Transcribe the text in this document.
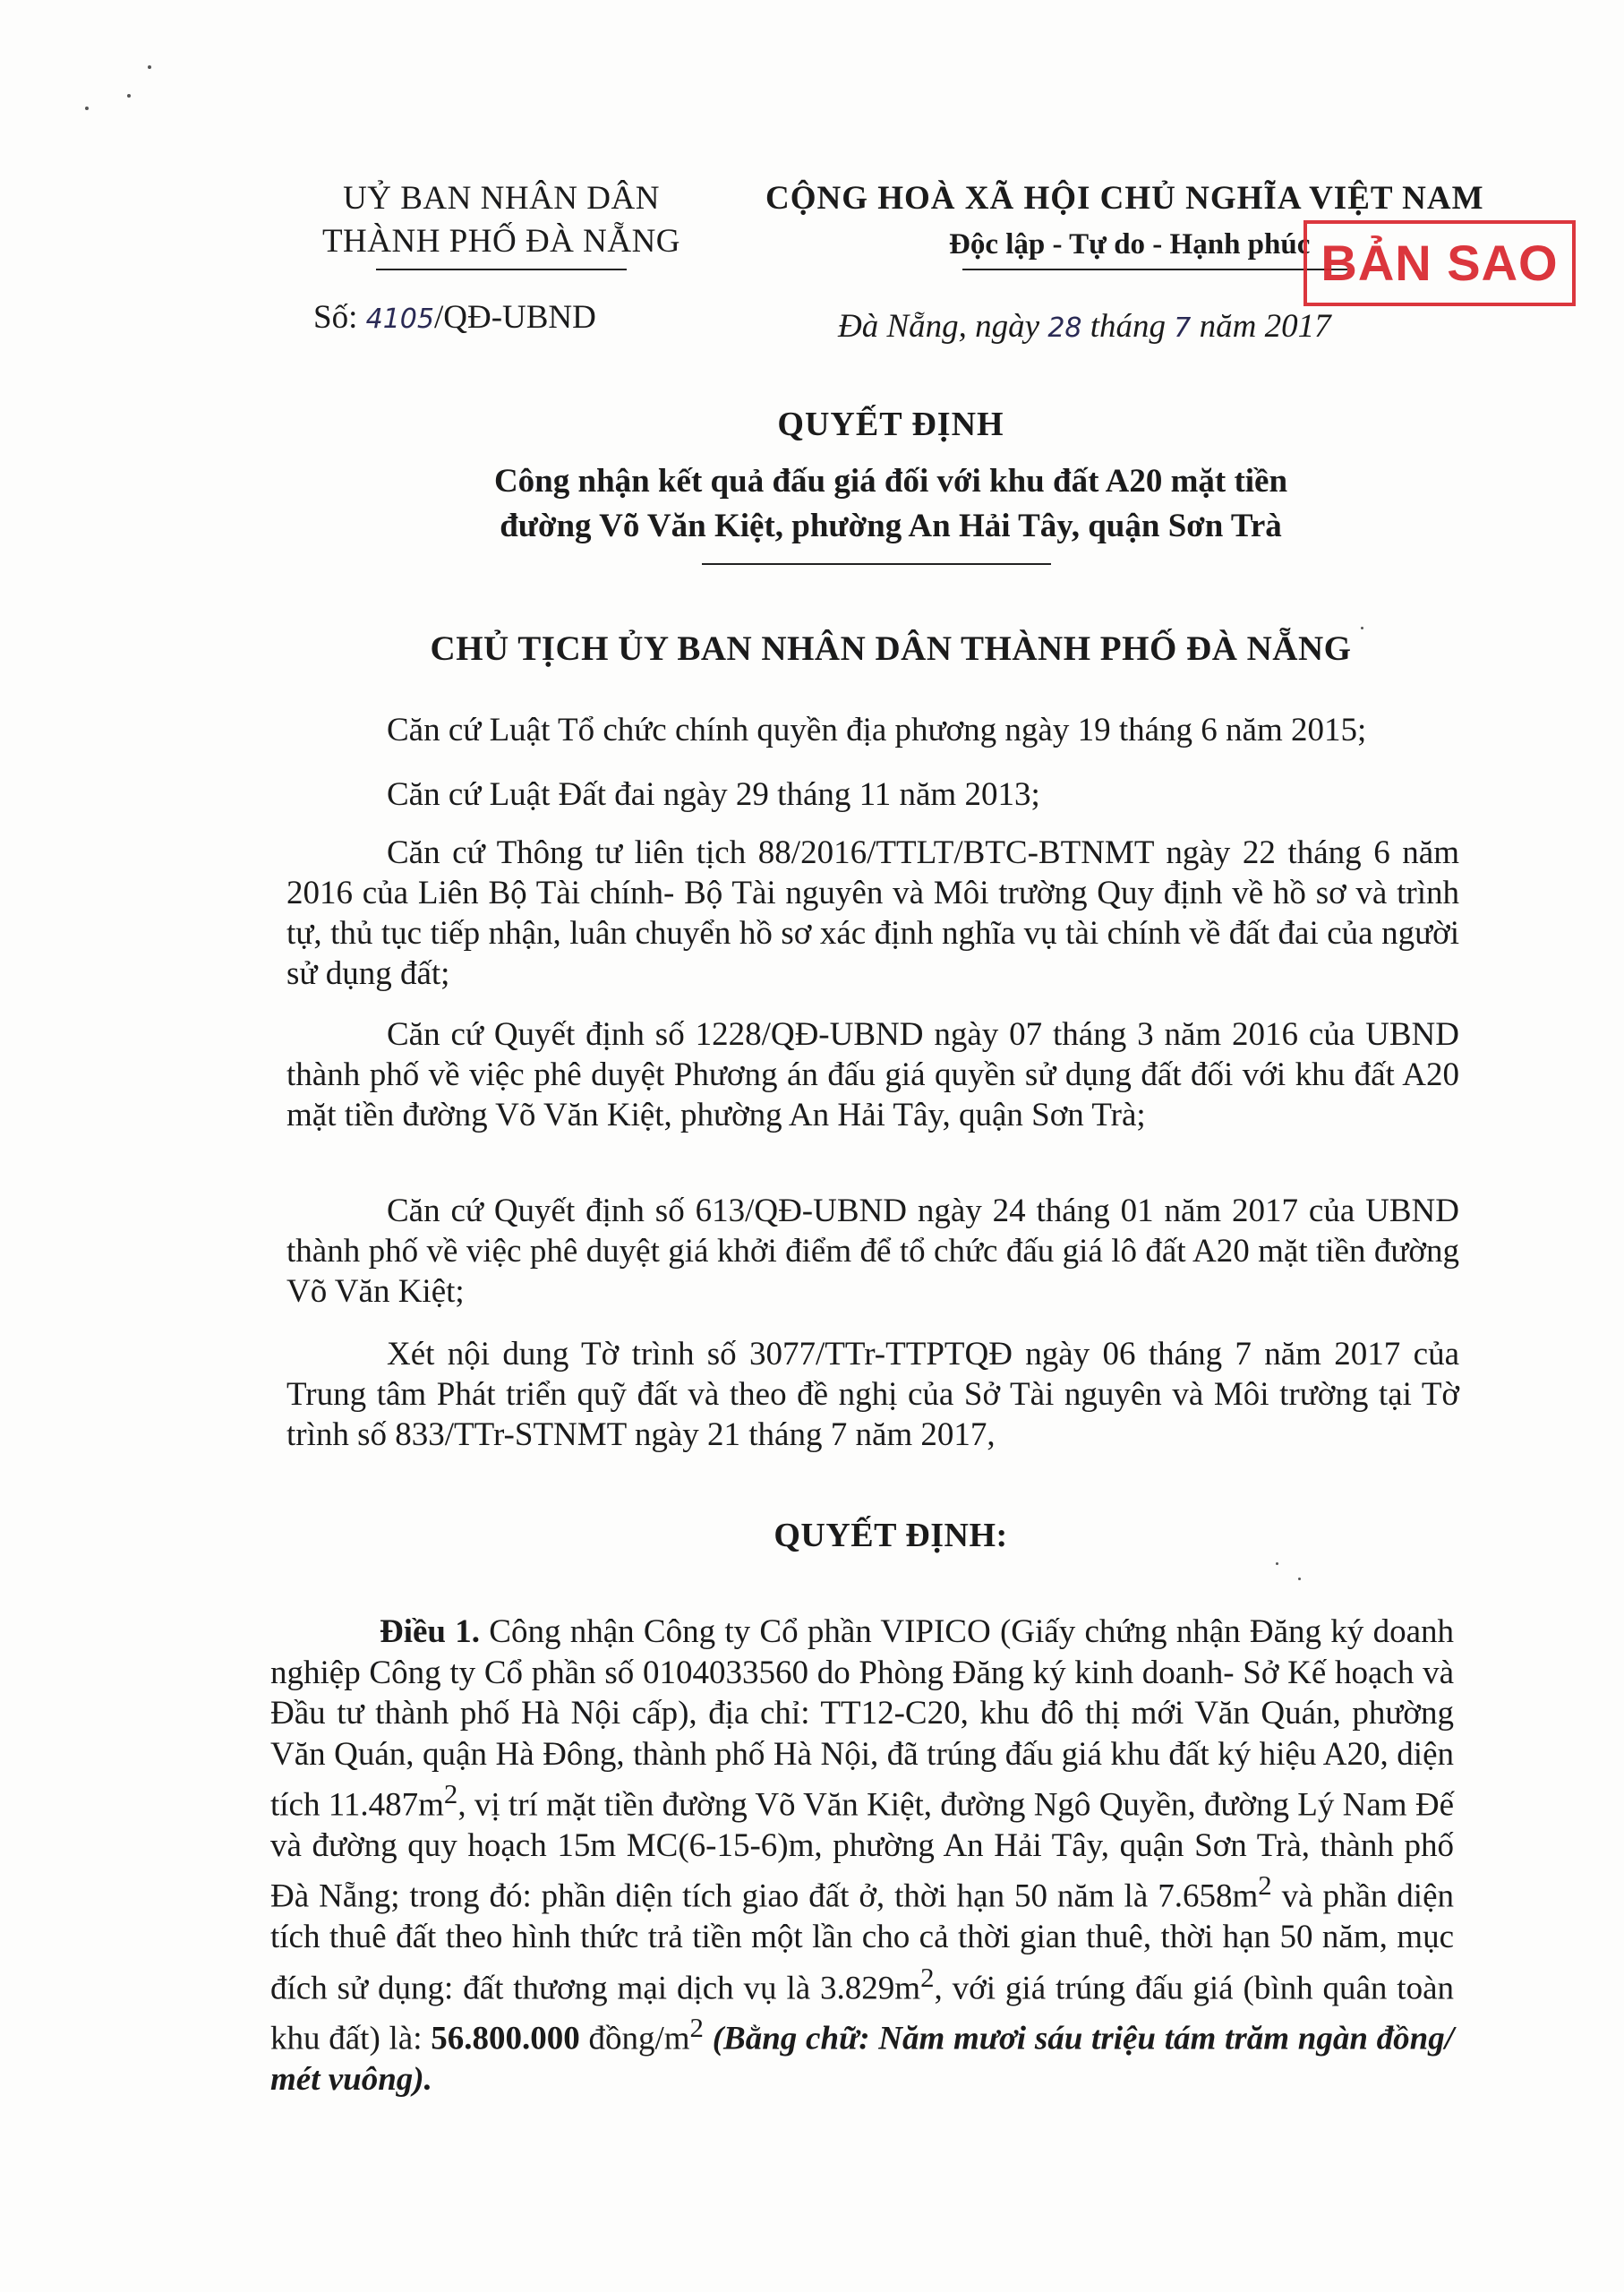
UỶ BAN NHÂN DÂN
THÀNH PHỐ ĐÀ NẴNG
Số: 4105/QĐ-UBND
CỘNG HOÀ XÃ HỘI CHỦ NGHĨA VIỆT NAM
Độc lập - Tự do - Hạnh phúc BẢN SAO
Đà Nẵng, ngày 28 tháng 7 năm 2017
QUYẾT ĐỊNH
Công nhận kết quả đấu giá đối với khu đất A20 mặt tiền
đường Võ Văn Kiệt, phường An Hải Tây, quận Sơn Trà
CHỦ TỊCH ỦY BAN NHÂN DÂN THÀNH PHỐ ĐÀ NẴNG
Căn cứ Luật Tổ chức chính quyền địa phương ngày 19 tháng 6 năm 2015;
Căn cứ Luật Đất đai ngày 29 tháng 11 năm 2013;
Căn cứ Thông tư liên tịch 88/2016/TTLT/BTC-BTNMT ngày 22 tháng 6 năm 2016 của Liên Bộ Tài chính- Bộ Tài nguyên và Môi trường Quy định về hồ sơ và trình tự, thủ tục tiếp nhận, luân chuyển hồ sơ xác định nghĩa vụ tài chính về đất đai của người sử dụng đất;
Căn cứ Quyết định số 1228/QĐ-UBND ngày 07 tháng 3 năm 2016 của UBND thành phố về việc phê duyệt Phương án đấu giá quyền sử dụng đất đối với khu đất A20 mặt tiền đường Võ Văn Kiệt, phường An Hải Tây, quận Sơn Trà;
Căn cứ Quyết định số 613/QĐ-UBND ngày 24 tháng 01 năm 2017 của UBND thành phố về việc phê duyệt giá khởi điểm để tổ chức đấu giá lô đất A20 mặt tiền đường Võ Văn Kiệt;
Xét nội dung Tờ trình số 3077/TTr-TTPTQĐ ngày 06 tháng 7 năm 2017 của Trung tâm Phát triển quỹ đất và theo đề nghị của Sở Tài nguyên và Môi trường tại Tờ trình số 833/TTr-STNMT ngày 21 tháng 7 năm 2017,
QUYẾT ĐỊNH:
Điều 1. Công nhận Công ty Cổ phần VIPICO (Giấy chứng nhận Đăng ký doanh nghiệp Công ty Cổ phần số 0104033560 do Phòng Đăng ký kinh doanh- Sở Kế hoạch và Đầu tư thành phố Hà Nội cấp), địa chỉ: TT12-C20, khu đô thị mới Văn Quán, phường Văn Quán, quận Hà Đông, thành phố Hà Nội, đã trúng đấu giá khu đất ký hiệu A20, diện tích $11.487m^2$, vị trí mặt tiền đường Võ Văn Kiệt, đường Ngô Quyền, đường Lý Nam Đế và đường quy hoạch 15m MC(6-15-6)m, phường An Hải Tây, quận Sơn Trà, thành phố Đà Nẵng; trong đó: phần diện tích giao đất ở, thời hạn 50 năm là $7.658m^2$ và phần diện tích thuê đất theo hình thức trả tiền một lần cho cả thời gian thuê, thời hạn 50 năm, mục đích sử dụng: đất thương mại dịch vụ là $3.829m^2$, với giá trúng đấu giá (bình quân toàn khu đất) là: 56.800.000 đồng/$m^2$ (Bằng chữ: Năm mươi sáu triệu tám trăm ngàn đồng/ mét vuông).
